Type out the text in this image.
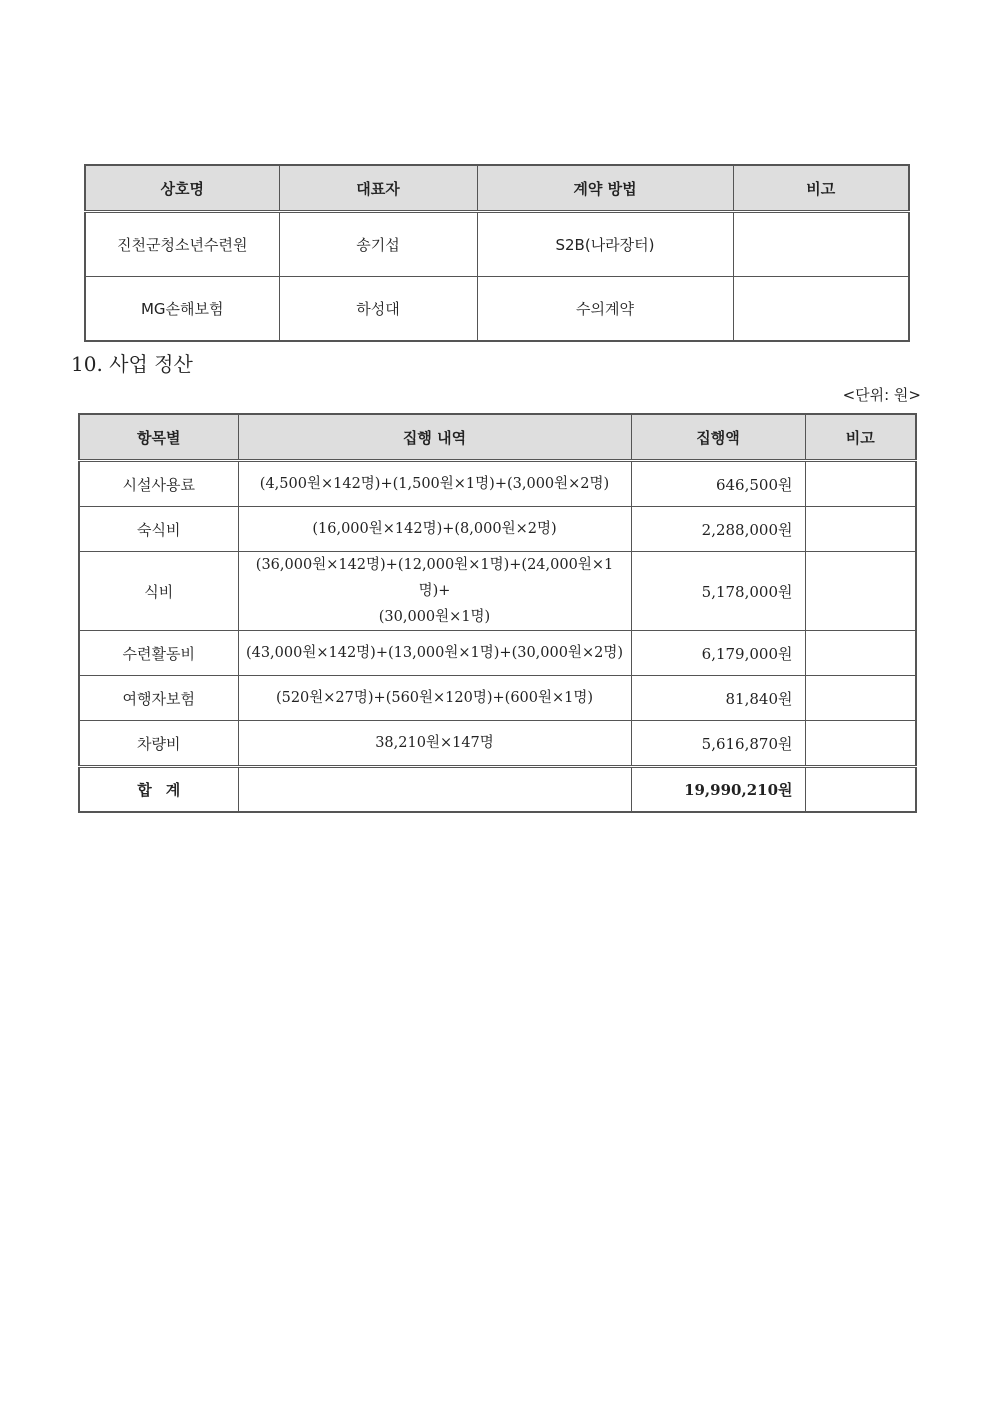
상호명	대표자	계약 방법	비고
진천군청소년수련원	송기섭	S2B(나라장터)	
MG손해보험	하성대	수의계약	
10. 사업 정산
<단위: 원>
항목별	집행 내역	집행액	비고
시설사용료	(4,500원×142명)+(1,500원×1명)+(3,000원×2명)	646,500원	
숙식비	(16,000원×142명)+(8,000원×2명)	2,288,000원	
식비	(36,000원×142명)+(12,000원×1명)+(24,000원×1명)+
(30,000원×1명)	5,178,000원	
수련활동비	(43,000원×142명)+(13,000원×1명)+(30,000원×2명)	6,179,000원	
여행자보험	(520원×27명)+(560원×120명)+(600원×1명)	81,840원	
차량비	38,210원×147명	5,616,870원	
합계		19,990,210원	
